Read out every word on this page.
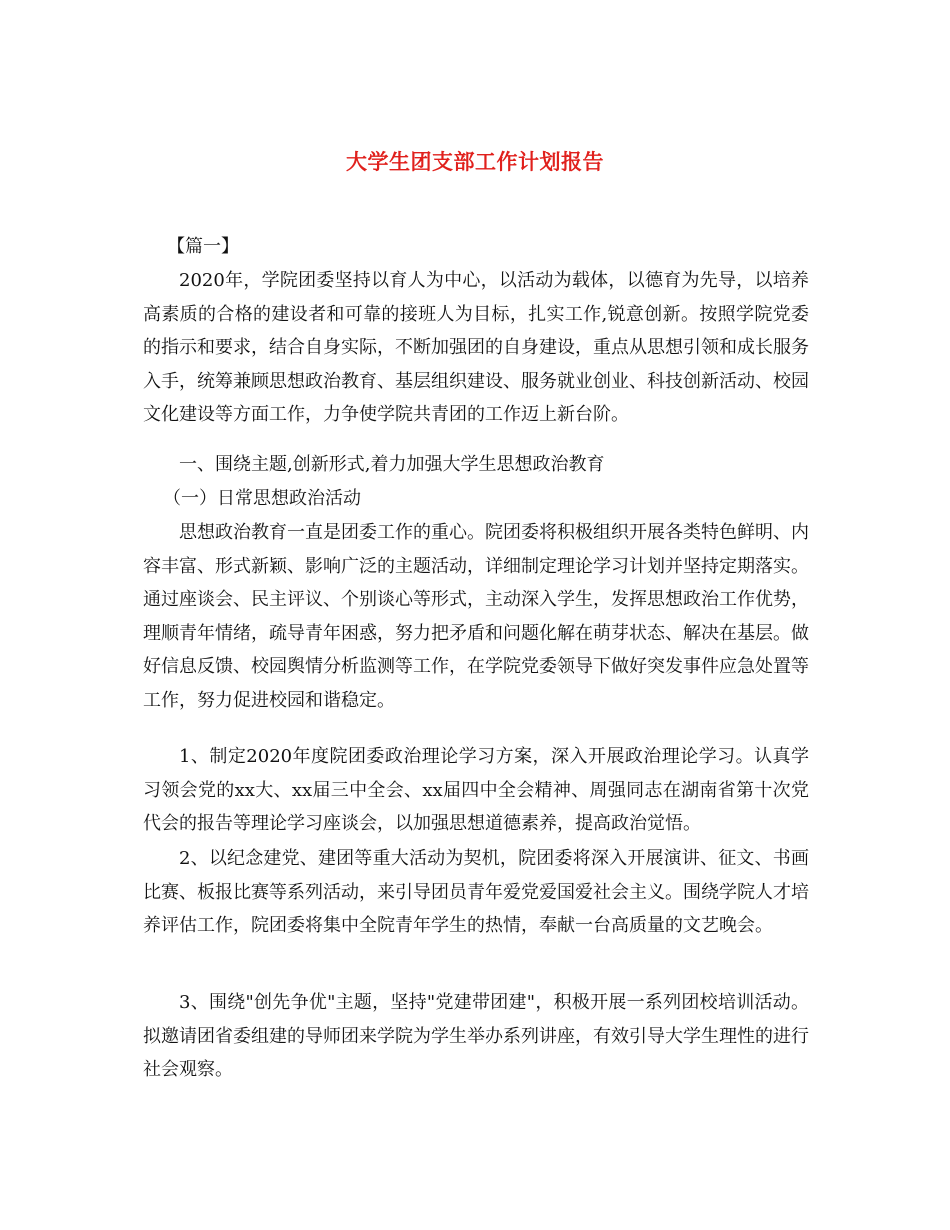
大学生团支部工作计划报告

【篇一】

2020年，学院团委坚持以育人为中心，以活动为载体，以德育为先导，以培养高素质的合格的建设者和可靠的接班人为目标，扎实工作,锐意创新。按照学院党委的指示和要求，结合自身实际，不断加强团的自身建设，重点从思想引领和成长服务入手，统筹兼顾思想政治教育、基层组织建设、服务就业创业、科技创新活动、校园文化建设等方面工作，力争使学院共青团的工作迈上新台阶。

一、围绕主题,创新形式,着力加强大学生思想政治教育

（一）日常思想政治活动

思想政治教育一直是团委工作的重心。院团委将积极组织开展各类特色鲜明、内容丰富、形式新颖、影响广泛的主题活动，详细制定理论学习计划并坚持定期落实。通过座谈会、民主评议、个别谈心等形式，主动深入学生，发挥思想政治工作优势，理顺青年情绪，疏导青年困惑，努力把矛盾和问题化解在萌芽状态、解决在基层。做好信息反馈、校园舆情分析监测等工作，在学院党委领导下做好突发事件应急处置等工作，努力促进校园和谐稳定。

1、制定2020年度院团委政治理论学习方案，深入开展政治理论学习。认真学习领会党的xx大、xx届三中全会、xx届四中全会精神、周强同志在湖南省第十次党代会的报告等理论学习座谈会，以加强思想道德素养，提高政治觉悟。

2、以纪念建党、建团等重大活动为契机，院团委将深入开展演讲、征文、书画比赛、板报比赛等系列活动，来引导团员青年爱党爱国爱社会主义。围绕学院人才培养评估工作，院团委将集中全院青年学生的热情，奉献一台高质量的文艺晚会。

3、围绕"创先争优"主题，坚持"党建带团建"，积极开展一系列团校培训活动。拟邀请团省委组建的导师团来学院为学生举办系列讲座，有效引导大学生理性的进行社会观察。
